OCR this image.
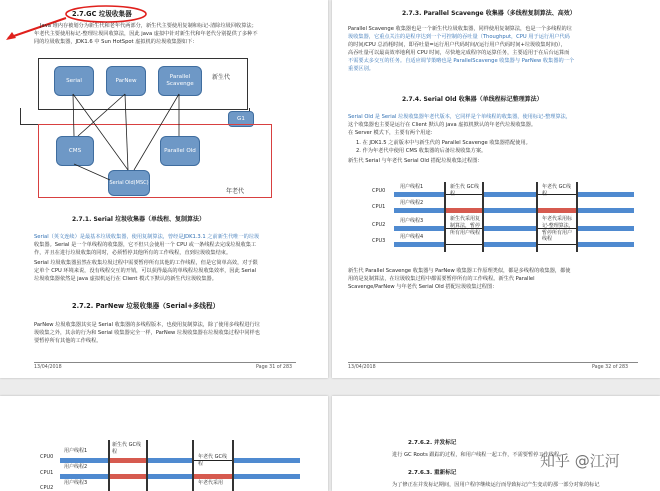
2.7.GC 垃圾收集器

Java 堆内存被划分为新生代和老年代两部分，新生代主要使用复制和标记-清除垃圾回收算法；

年老代主要使用标记-整理垃圾回收算法，因此 java 虚拟中针对新生代和年老代分别提供了多种不

同的垃圾收集器，JDK1.6 中 Sun HotSpot 虚拟机的垃圾收集器如下：

Serial	ParNew
Parallel Scavenge
新生代
G1
CMS	Parallel Old
Serial Old(MSC)
年老代

2.7.1. Serial 垃圾收集器（单线程、复制算法）

Serial（英文连续）是最基本垃圾收集器，使用复制算法，曾经是JDK1.3.1 之前新生代唯一的垃圾

收集器。Serial 是一个单线程的收集器，它不但只会使用一个 CPU 或一条线程去完成垃圾收集工

作，并且在进行垃圾收集的同时，必须暂停其他所有的工作线程，直到垃圾收集结束。

Serial 垃圾收集器虽然在收集垃圾过程中需要暂停所有其他的工作线程，但是它简单高效，对于限

定单个 CPU 环境来说，没有线程交互的开销，可以获得最高的单线程垃圾收集效率，因此 Serial

垃圾收集器依然是 java 虚拟机运行在 Client 模式下默认的新生代垃圾收集器。

2.7.2. ParNew 垃圾收集器（Serial+多线程）

ParNew 垃圾收集器其实是 Serial 收集器的多线程版本，也使用复制算法，除了使用多线程进行垃

圾收集之外，其余的行为和 Serial 收集器完全一样，ParNew 垃圾收集器在垃圾收集过程中同样也

要暂停所有其他的工作线程。

13/04/2018	Page 31 of 283

2.7.3. Parallel Scavenge 收集器（多线程复制算法、高效）

Parallel Scavenge 收集器也是一个新生代垃圾收集器，同样使用复制算法，也是一个多线程的垃

圾收集器，它重点关注的是程序达到一个可控制的吞吐量（Thoughput，CPU 用于运行用户代码

的时间/CPU 总消耗时间，即吞吐量=运行用户代码时间/(运行用户代码时间+垃圾收集时间)），

高吞吐量可以最高效率地利用 CPU 时间，尽快地完成程序的运算任务，主要适用于在后台运算而

不需要太多交互的任务。自适应调节策略也是 ParallelScavenge 收集器与 ParNew 收集器的一个

重要区别。

2.7.4. Serial Old 收集器（单线程标记整理算法）

Serial Old 是 Serial 垃圾收集器年老代版本，它同样是个单线程的收集器，使用标记-整理算法，

这个收集器也主要是运行在 Client 默认的 java 虚拟机默认的年老代垃圾收集器。

在 Server 模式下，主要有两个用途：

1. 在 JDK1.5 之前版本中与新生代的 Parallel Scavenge 收集器搭配使用。

2. 作为年老代中使用 CMS 收集器的后备垃圾收集方案。

新生代 Serial 与年老代 Serial Old 搭配垃圾收集过程图：

CPU0
CPU1
CPU2
CPU3
用户线程1
用户线程2
用户线程3
用户线程4
新生代 GC线程
新生代采用复制算法，暂停所有用户线程
年老代 GC线程
年老代采用标记-整理算法，暂停所有用户线程

新生代 Parallel Scavenge 收集器与 ParNew 收集器工作原理类似，都是多线程的收集器，都使

用的是复制算法，在垃圾收集过程中都需要暂停所有的工作线程。新生代 Parallel

Scavenge/ParNew 与年老代 Serial Old 搭配垃圾收集过程图：

13/04/2018	Page 32 of 283
CPU0
CPU1
CPU2
用户线程1
用户线程2
用户线程3
新生代 GC线程
年老代 GC线程
年老代采用

2.7.6.2. 并发标记

进行 GC Roots 跟踪的过程，和用户线程一起工作，不需要暂停工作线程。

2.7.6.3. 重新标记

为了修正在并发标记期间，因用户程序继续运行而导致标记产生变动的那一部分对象的标记

知乎 @江河
